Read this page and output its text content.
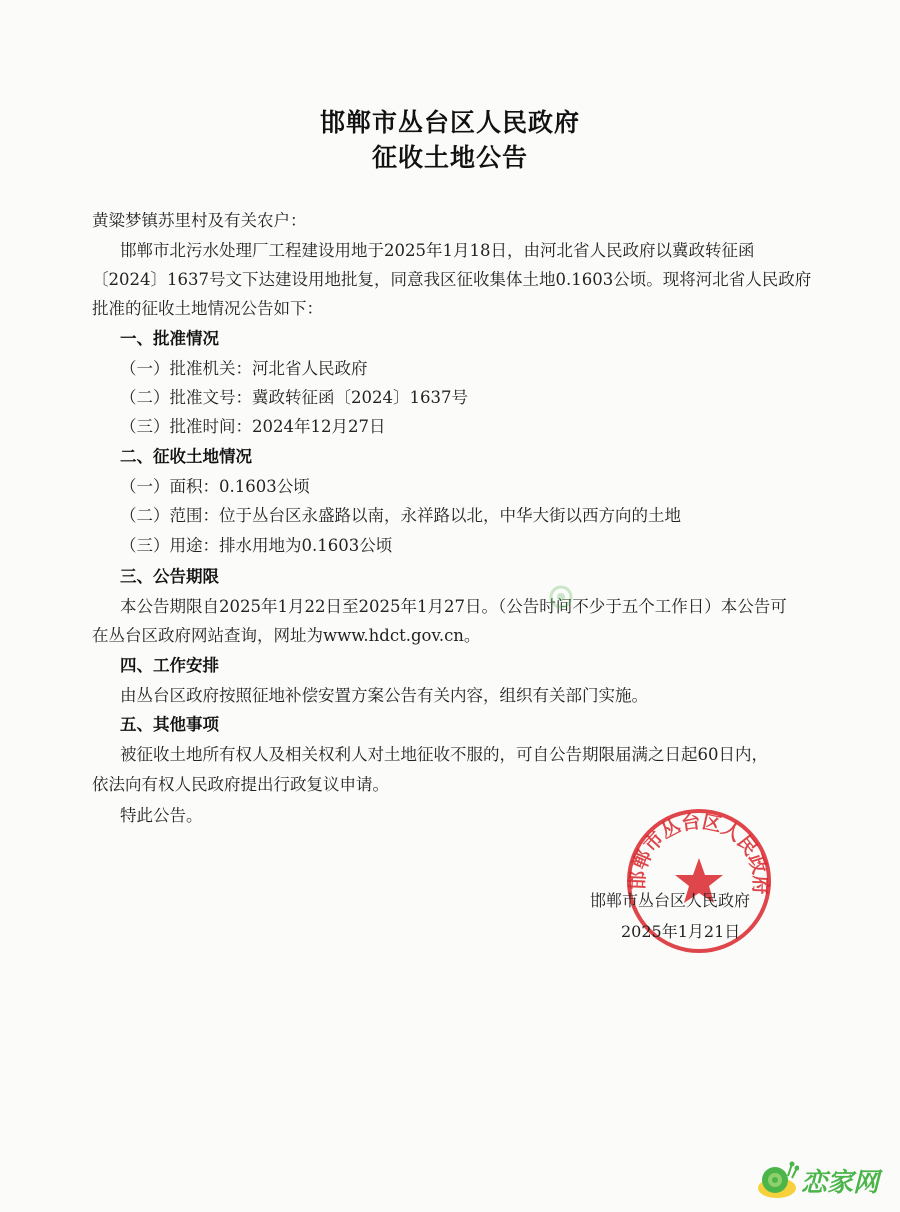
邯郸市丛台区人民政府
征收土地公告
黄粱梦镇苏里村及有关农户：
邯郸市北污水处理厂工程建设用地于2025年1月18日，由河北省人民政府以冀政转征函
〔2024〕1637号文下达建设用地批复，同意我区征收集体土地0.1603公顷。现将河北省人民政府
批准的征收土地情况公告如下：
一、批准情况
（一）批准机关：河北省人民政府
（二）批准文号：冀政转征函〔2024〕1637号
（三）批准时间：2024年12月27日
二、征收土地情况
（一）面积：0.1603公顷
（二）范围：位于丛台区永盛路以南，永祥路以北，中华大街以西方向的土地
（三）用途：排水用地为0.1603公顷
三、公告期限
本公告期限自2025年1月22日至2025年1月27日。（公告时间不少于五个工作日）本公告可
在丛台区政府网站查询，网址为www.hdct.gov.cn。
四、工作安排
由丛台区政府按照征地补偿安置方案公告有关内容，组织有关部门实施。
五、其他事项
被征收土地所有权人及相关权利人对土地征收不服的，可自公告期限届满之日起60日内，
依法向有权人民政府提出行政复议申请。
特此公告。
邯郸市丛台区人民政府
邯郸市丛台区人民政府
2025年1月21日
恋家网
